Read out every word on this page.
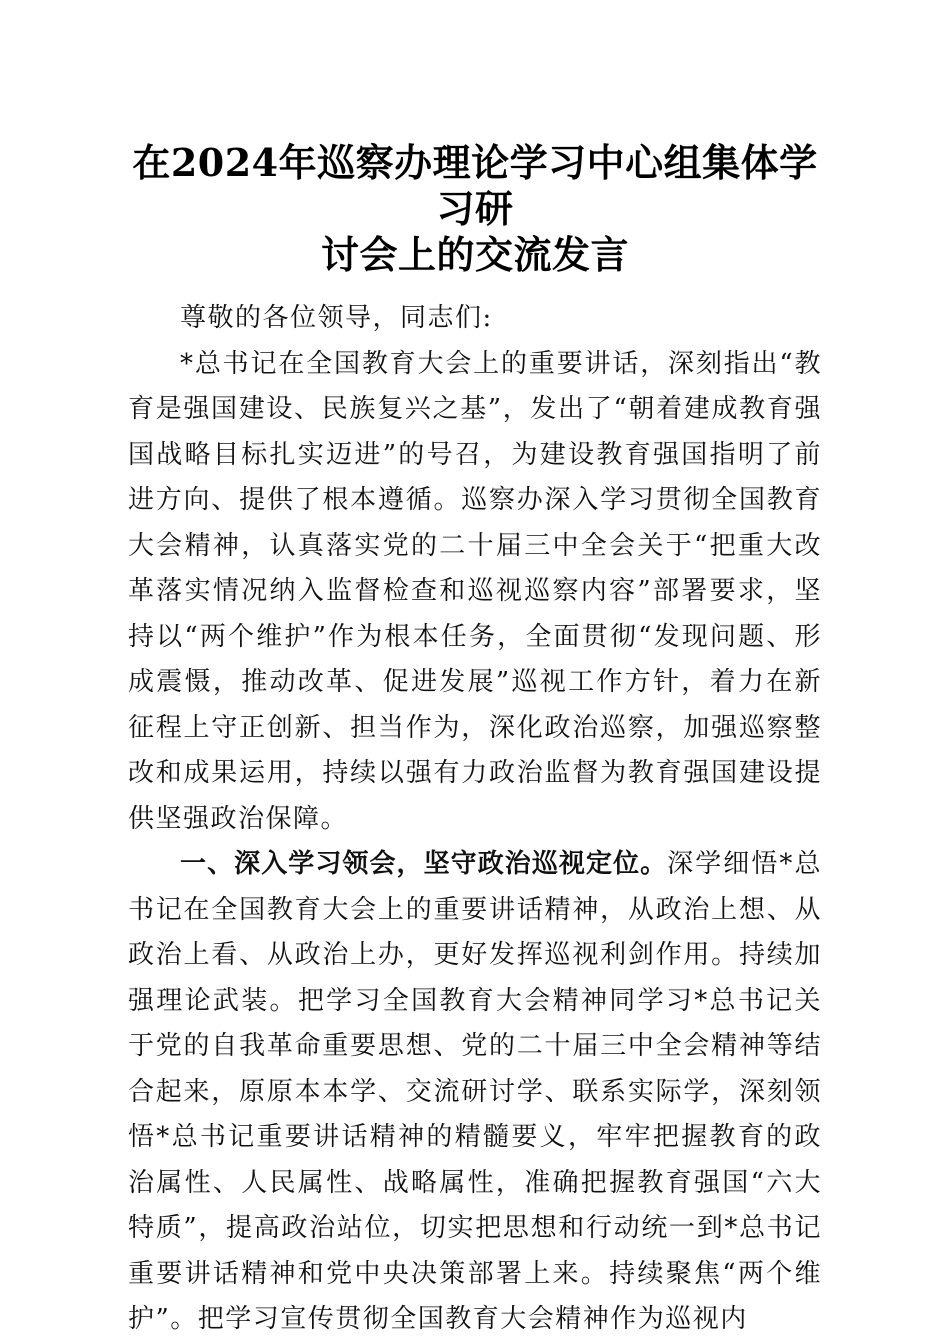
在2024年巡察办理论学习中心组集体学习研
讨会上的交流发言

尊敬的各位领导，同志们:

*总书记在全国教育大会上的重要讲话，深刻指出“教育是强国建设、民族复兴之基”，发出了“朝着建成教育强国战略目标扎实迈进”的号召，为建设教育强国指明了前进方向、提供了根本遵循。巡察办深入学习贯彻全国教育大会精神，认真落实党的二十届三中全会关于“把重大改革落实情况纳入监督检查和巡视巡察内容”部署要求，坚持以“两个维护”作为根本任务，全面贯彻“发现问题、形成震慑，推动改革、促进发展”巡视工作方针，着力在新征程上守正创新、担当作为，深化政治巡察，加强巡察整改和成果运用，持续以强有力政治监督为教育强国建设提供坚强政治保障。

一、深入学习领会，坚守政治巡视定位。深学细悟*总书记在全国教育大会上的重要讲话精神，从政治上想、从政治上看、从政治上办，更好发挥巡视利剑作用。持续加强理论武装。把学习全国教育大会精神同学习*总书记关于党的自我革命重要思想、党的二十届三中全会精神等结合起来，原原本本学、交流研讨学、联系实际学，深刻领悟*总书记重要讲话精神的精髓要义，牢牢把握教育的政治属性、人民属性、战略属性，准确把握教育强国“六大特质”，提高政治站位，切实把思想和行动统一到*总书记重要讲话精神和党中央决策部署上来。持续聚焦“两个维护”。把学习宣传贯彻全国教育大会精神作为巡视内
